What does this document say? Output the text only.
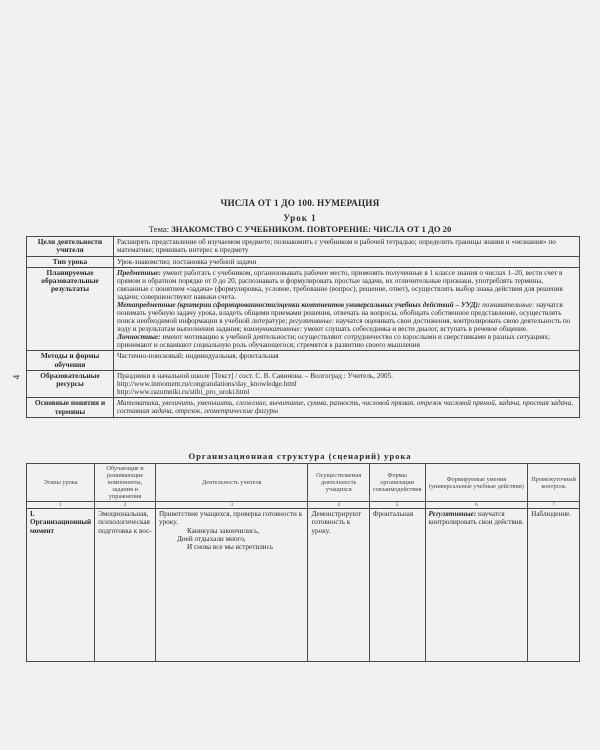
4
ЧИСЛА ОТ 1 ДО 100. НУМЕРАЦИЯ
Урок 1
Тема: ЗНАКОМСТВО С УЧЕБНИКОМ. ПОВТОРЕНИЕ: ЧИСЛА ОТ 1 ДО 20
Цели деятельности учителя	Расширять представление об изучаемом предмете; познакомить с учебником и рабочей тетрадью; определить границы знания и «незнания» по математике; прививать интерес к предмету
Тип урока	Урок-знакомство; постановка учебной задачи
Планируемые образовательные результаты	Предметные: умеют работать с учебником, организовывать рабочее место, применять полученные в 1 классе знания о числах 1–20, вести счет в прямом и обратном порядке от 0 до 20, распознавать и формулировать простые задачи, их отличительные признаки, употреблять термины, связанные с понятием «задача» (формулировка, условие, требование (вопрос), решение, ответ), осуществлять выбор знака действия для решения задачи; совершенствуют навыки счета.

Метапредметные (критерии сформированности/оценки компонентов универсальных учебных действий – УУД): познавательные: научатся понимать учебную задачу урока, владеть общими приемами решения, отвечать на вопросы, обобщать собственное представление, осуществлять поиск необходимой информации в учебной литературе; регулятивные: научатся оценивать свои достижения, контролировать свою деятельность по ходу и результатам выполнения задания; коммуникативные: умеют слушать собеседника и вести диалог, вступать в речевое общение.

Личностные: имеют мотивацию к учебной деятельности; осуществляют сотрудничество со взрослыми и сверстниками в разных ситуациях; принимают и осваивают социальную роль обучающегося; стремятся к развитию своего мышления

Методы и формы обучения	Частично-поисковый; индивидуальная, фронтальная
Образовательные ресурсы	Праздники в начальной школе [Текст] / сост. С. В. Савинова. – Волгоград : Учитель, 2005.

http://www.inmoment.ru/congratulations/day_knowledge.html

http://www.razumniki.ru/stihi_pro_uroki.html

Основные понятия и термины	Математика, увеличить, уменьшить, сложение, вычитание, сумма, разность, числовой прямая, отрезок числовой прямой, задача, простая задача, составная задача, отрезок, геометрические фигуры
Организационная структура (сценарий) урока
Этапы урока	Обучающие и развивающие компоненты, задания и упражнения	Деятельность учителя	Осуществляемая деятельность учащихся	Формы организации совзаимодействия	Формируемые умения (универсальные учебные действия)	Промежуточный контроль
1	2	3	4	5	6	7
I. Организационный момент	Эмоциональная, психологическая подготовка к вос-	Приветствие учащихся, проверка готовности к уроку.
Каникулы закончились,
Дней отдыхали много,
И снова все мы встретились	Демонстрируют готовность к уроку.	Фронтальная	Регулятивные: научатся контролировать свои действия.	Наблюдение.
